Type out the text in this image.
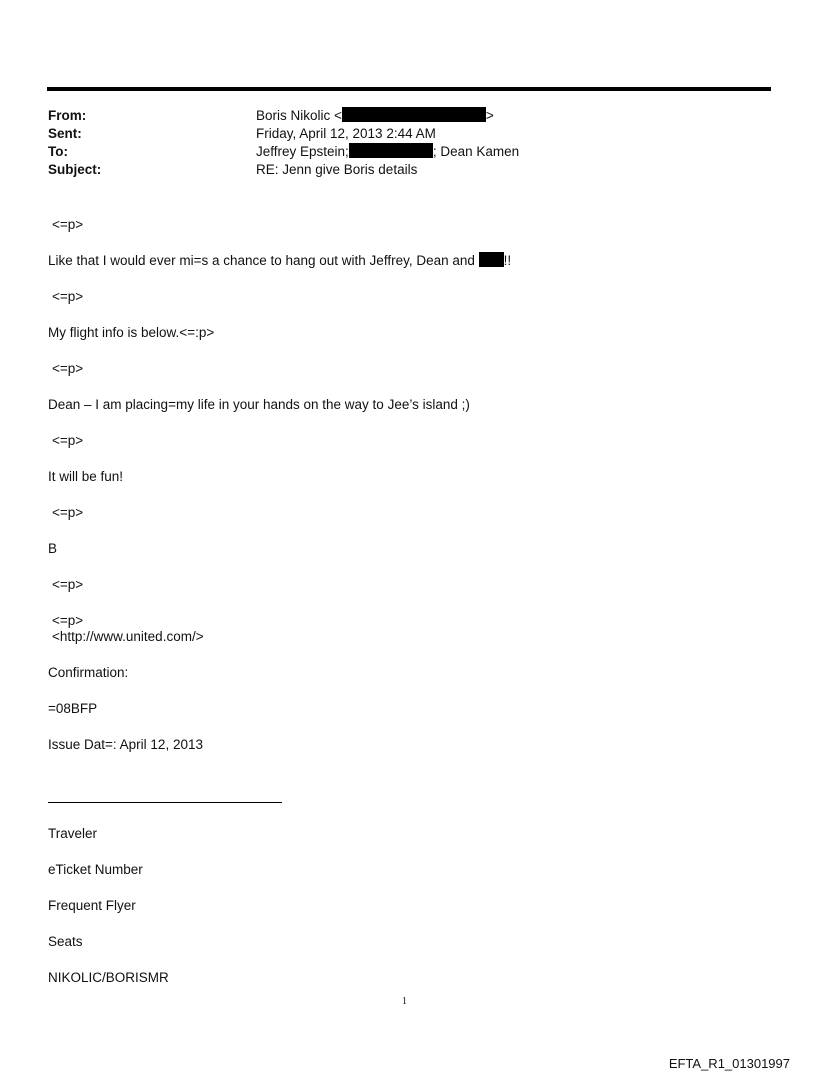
From:	Boris Nikolic <	>
Sent:	Friday, April 12, 2013 2:44 AM
To:	Jeffrey Epstein;	; Dean Kamen
Subject:	RE: Jenn give Boris details
<=p>
Like that I would ever mi=s a chance to hang out with Jeffrey, Dean and !!
<=p>
My flight info is below.<=:p>
<=p>
Dean – I am placing=my life in your hands on the way to Jee’s island ;)
<=p>
It will be fun!
<=p>
B
<=p>
<=p>
<http://www.united.com/>
Confirmation:
=08BFP
Issue Dat=: April 12, 2013
Traveler
eTicket Number
Frequent Flyer
Seats
NIKOLIC/BORISMR
1
EFTA_R1_01301997
